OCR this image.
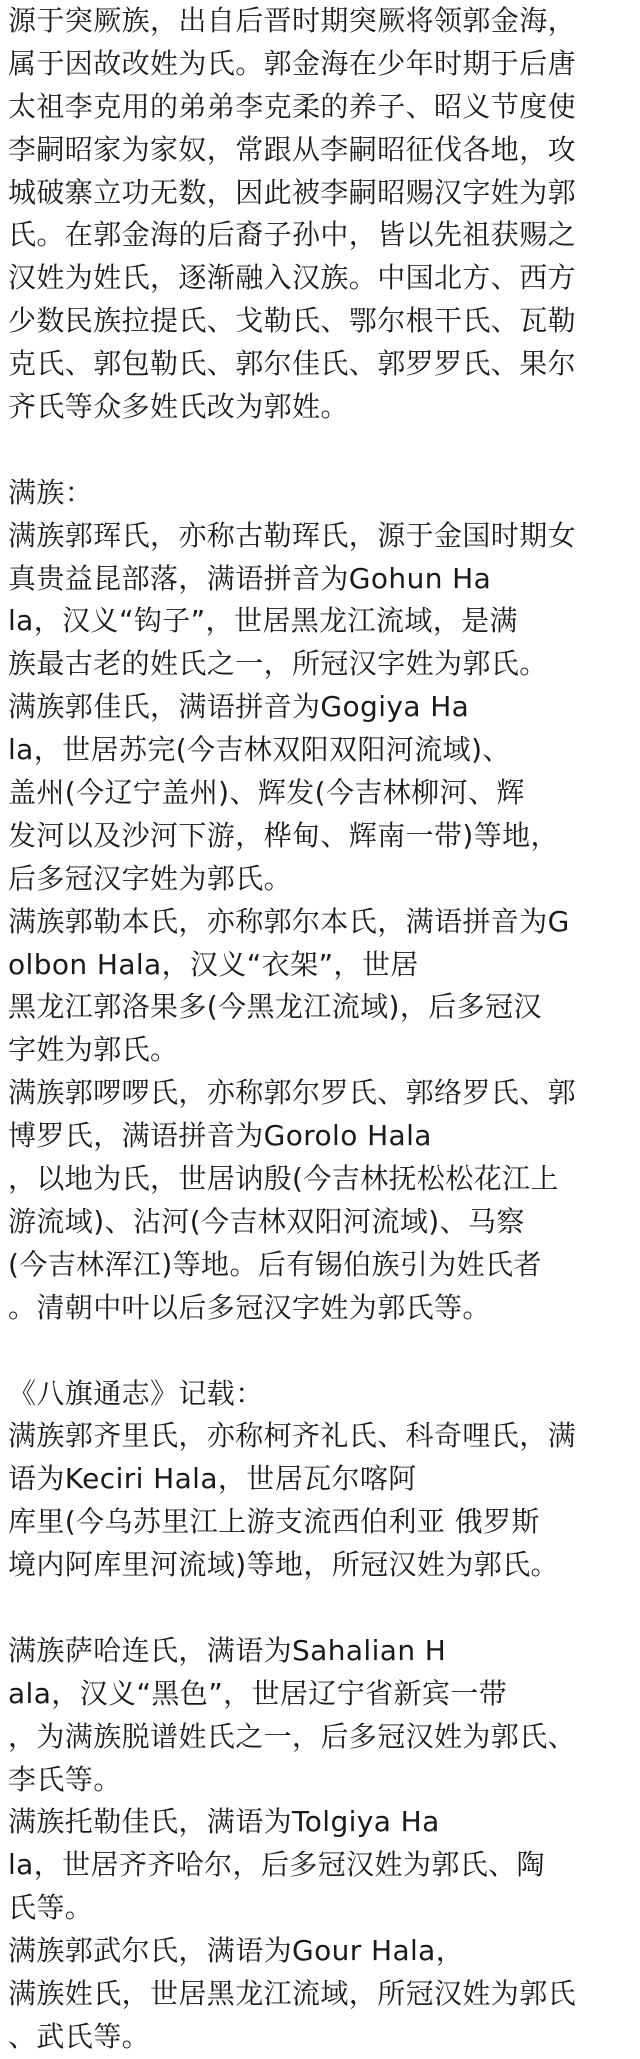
源于突厥族，出自后晋时期突厥将领郭金海，
属于因故改姓为氏。郭金海在少年时期于后唐
太祖李克用的弟弟李克柔的养子、昭义节度使
李嗣昭家为家奴，常跟从李嗣昭征伐各地，攻
城破寨立功无数，因此被李嗣昭赐汉字姓为郭
氏。在郭金海的后裔子孙中，皆以先祖获赐之
汉姓为姓氏，逐渐融入汉族。中国北方、西方
少数民族拉提氏、戈勒氏、鄂尔根干氏、瓦勒
克氏、郭包勒氏、郭尔佳氏、郭罗罗氏、果尔
齐氏等众多姓氏改为郭姓。
满族：
满族郭珲氏，亦称古勒珲氏，源于金国时期女
真贵益昆部落，满语拼音为Gohun Ha
la，汉义“钩子”，世居黑龙江流域，是满
族最古老的姓氏之一，所冠汉字姓为郭氏。
满族郭佳氏，满语拼音为Gogiya Ha
la，世居苏完(今吉林双阳双阳河流域)、
盖州(今辽宁盖州)、辉发(今吉林柳河、辉
发河以及沙河下游，桦甸、辉南一带)等地，
后多冠汉字姓为郭氏。
满族郭勒本氏，亦称郭尔本氏，满语拼音为G
olbon Hala，汉义“衣架”，世居
黑龙江郭洛果多(今黑龙江流域)，后多冠汉
字姓为郭氏。
满族郭啰啰氏，亦称郭尔罗氏、郭络罗氏、郭
博罗氏，满语拼音为Gorolo Hala
，以地为氏，世居讷殷(今吉林抚松松花江上
游流域)、沾河(今吉林双阳河流域)、马察
(今吉林浑江)等地。后有锡伯族引为姓氏者
。清朝中叶以后多冠汉字姓为郭氏等。
《八旗通志》记载：
满族郭齐里氏，亦称柯齐礼氏、科奇哩氏，满
语为Keciri Hala，世居瓦尔喀阿
库里(今乌苏里江上游支流西伯利亚 俄罗斯
境内阿库里河流域)等地，所冠汉姓为郭氏。
满族萨哈连氏，满语为Sahalian H
ala，汉义“黑色”，世居辽宁省新宾一带
，为满族脱谱姓氏之一，后多冠汉姓为郭氏、
李氏等。
满族托勒佳氏，满语为Tolgiya Ha
la，世居齐齐哈尔，后多冠汉姓为郭氏、陶
氏等。
满族郭武尔氏，满语为Gour Hala，
满族姓氏，世居黑龙江流域，所冠汉姓为郭氏
、武氏等。
